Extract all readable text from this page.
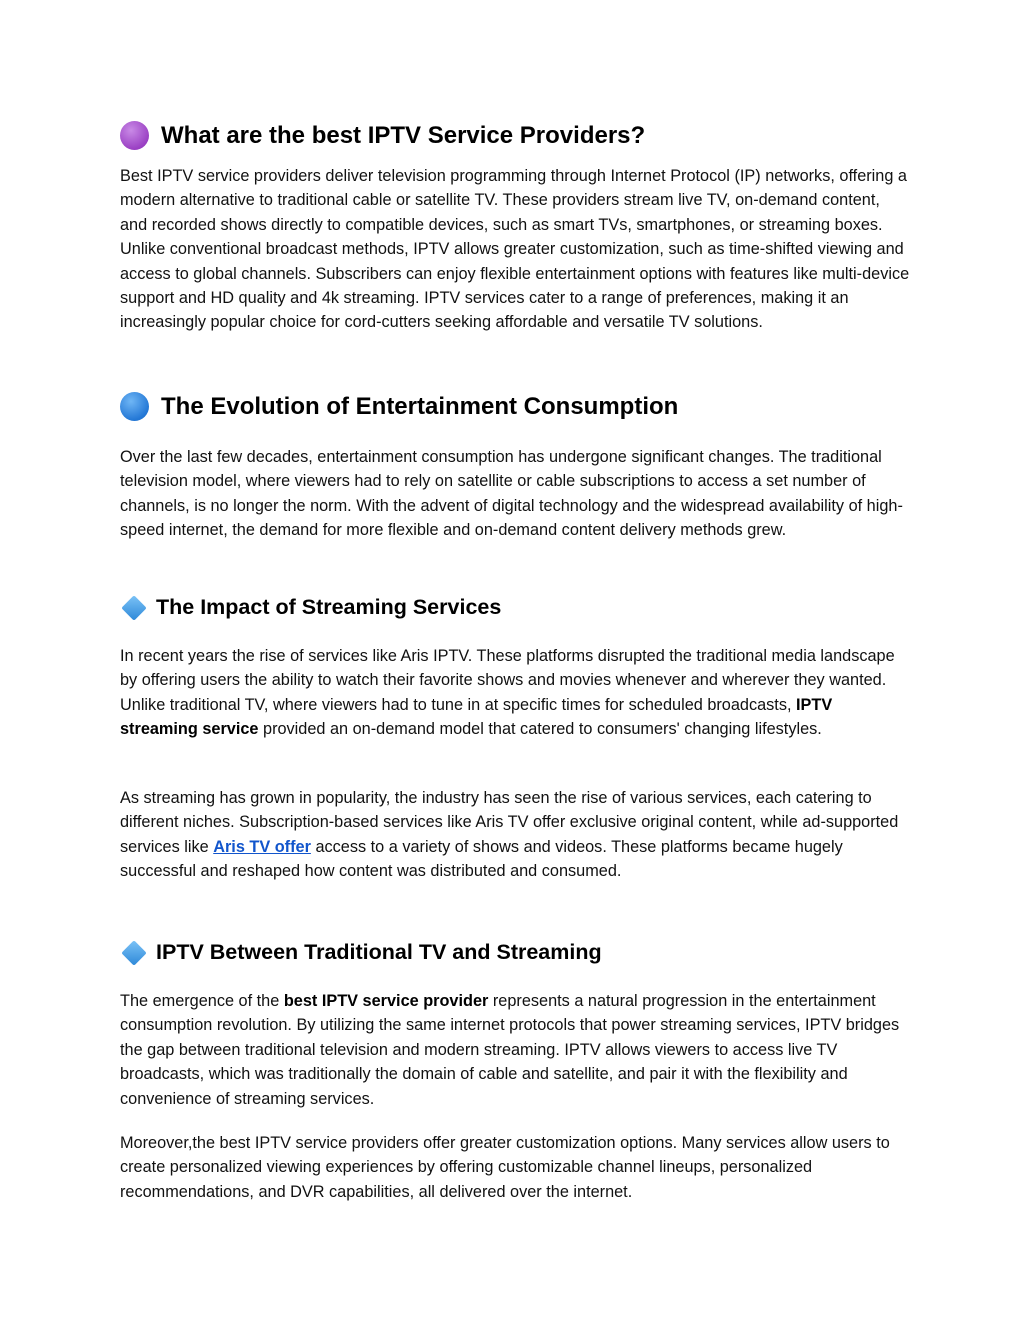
What are the best IPTV Service Providers?

Best IPTV service providers deliver television programming through Internet Protocol (IP) networks, offering a modern alternative to traditional cable or satellite TV. These providers stream live TV, on-demand content, and recorded shows directly to compatible devices, such as smart TVs, smartphones, or streaming boxes. Unlike conventional broadcast methods, IPTV allows greater customization, such as time-shifted viewing and access to global channels. Subscribers can enjoy flexible entertainment options with features like multi-device support and HD quality and 4k streaming. IPTV services cater to a range of preferences, making it an increasingly popular choice for cord-cutters seeking affordable and versatile TV solutions.

The Evolution of Entertainment Consumption

Over the last few decades, entertainment consumption has undergone significant changes. The traditional television model, where viewers had to rely on satellite or cable subscriptions to access a set number of channels, is no longer the norm. With the advent of digital technology and the widespread availability of high-speed internet, the demand for more flexible and on-demand content delivery methods grew.

The Impact of Streaming Services

In recent years the rise of services like Aris IPTV. These platforms disrupted the traditional media landscape by offering users the ability to watch their favorite shows and movies whenever and wherever they wanted. Unlike traditional TV, where viewers had to tune in at specific times for scheduled broadcasts, IPTV streaming service provided an on-demand model that catered to consumers' changing lifestyles.

As streaming has grown in popularity, the industry has seen the rise of various services, each catering to different niches. Subscription-based services like Aris TV offer exclusive original content, while ad-supported services like Aris TV offer access to a variety of shows and videos. These platforms became hugely successful and reshaped how content was distributed and consumed.

IPTV Between Traditional TV and Streaming

The emergence of the best IPTV service provider represents a natural progression in the entertainment consumption revolution. By utilizing the same internet protocols that power streaming services, IPTV bridges the gap between traditional television and modern streaming. IPTV allows viewers to access live TV broadcasts, which was traditionally the domain of cable and satellite, and pair it with the flexibility and convenience of streaming services.

Moreover,the best IPTV service providers offer greater customization options. Many services allow users to create personalized viewing experiences by offering customizable channel lineups, personalized recommendations, and DVR capabilities, all delivered over the internet.
